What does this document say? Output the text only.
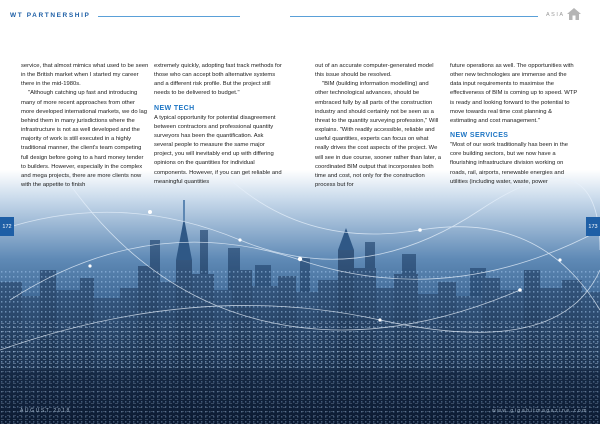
WT PARTNERSHIP	ASIA
172	173

service, that almost mimics what used to be seen in the British market when I started my career there in the mid-1980s.

"Although catching up fast and introducing many of more recent approaches from other more developed international markets, we do lag behind them in many jurisdictions where the infrastructure is not as well developed and the majority of work is still executed in a highly traditional manner, the client's team competing full design before going to a hard money tender to builders. However, especially in the complex and mega projects, there are more clients now with the appetite to finish

extremely quickly, adopting fast track methods for those who can accept both alternative systems and a different risk profile. But the project still needs to be delivered to budget."

NEW TECH

A typical opportunity for potential disagreement between contractors and professional quantity surveyors has been the quantification. Ask several people to measure the same major project, you will inevitably end up with differing opinions on the quantities for individual components. However, if you can get reliable and meaningful quantities

out of an accurate computer-generated model this issue should be resolved.

"BIM (building information modelling) and other technological advances, should be embraced fully by all parts of the construction industry and should certainly not be seen as a threat to the quantity surveying profession," Will explains. "With readily accessible, reliable and useful quantities, experts can focus on what really drives the cost aspects of the project. We will see in due course, sooner rather than later, a coordinated BIM output that incorporates both time and cost, not only for the construction process but for

future operations as well. The opportunities with other new technologies are immense and the data input requirements to maximise the effectiveness of BIM is coming up to speed. WTP is ready and looking forward to the potential to move towards real time cost planning & estimating and cost management."

NEW SERVICES

"Most of our work traditionally has been in the core building sectors, but we now have a flourishing infrastructure division working on roads, rail, airports, renewable energies and utilities (including water, waste, power

AUGUST 2018	www.gigabitmagazine.com
